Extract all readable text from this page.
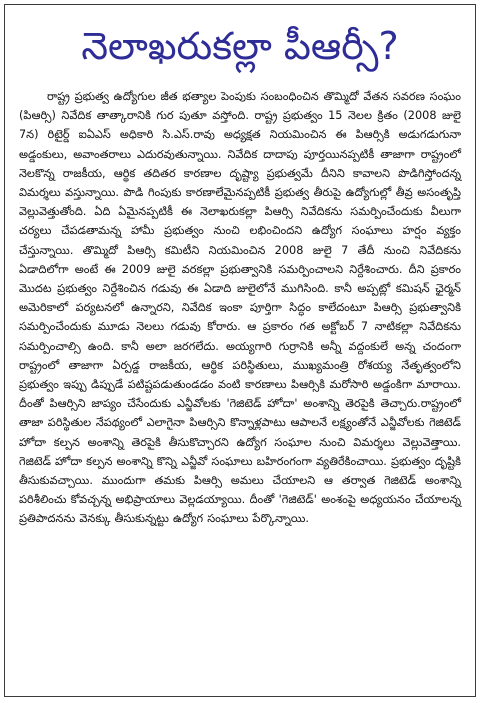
నెలాఖరుకల్లా పీఆర్సీ?

రాష్ట్ర ప్రభుత్వ ఉద్యోగుల జీత భత్యాల పెంపుకు సంబంధించిన తొమ్మిదో వేతన సవరణ సంఘం (పిఆర్సి) నివేదిక తాత్కారానికి గుర పుతూ వస్తోంది. రాష్ట్ర ప్రభుత్వం 15 నెలల క్రితం (2008 జులై 7న) రిటైర్డ్ ఐఏఎస్ అధికారి సి.ఎస్.రావు అధ్యక్షత నియమించిన ఈ పిఆర్సికి అడుగడుగునా అడ్డంకులు, అవాంతరాలు ఎదురవుతున్నాయి. నివేదిక దాదాపు పూర్తయినప్పటికీ తాజాగా రాష్ట్రంలో నెలకొన్న రాజకీయ, ఆర్థిక తదితర కారణాల దృష్ట్యా ప్రభుత్వమే దీనిని కావాలని పొడిగిస్తోందన్న విమర్శలు వస్తున్నాయి. పొడి గింపుకు కారణాలేమైనప్పటికీ ప్రభుత్వ తీరుపై ఉద్యోగుల్లో తీవ్ర అసంతృప్తి వెల్లువెత్తుతోంది. ఏది ఏమైనప్పటికీ ఈ నెలాఖరుకల్లా పిఆర్సి నివేదికను సమర్పించేందుకు వీలుగా చర్యలు చేపడతామన్న హామీ ప్రభుత్వం నుంచి లభించిందని ఉద్యోగ సంఘాలు హర్షం వ్యక్తం చేస్తున్నాయి. తొమ్మిదో పిఆర్సి కమిటీని నియమించిన 2008 జులై 7 తేదీ నుంచి నివేదికను ఏడాదిలోగా అంటే ఈ 2009 జులై వరకల్లా ప్రభుత్వానికి సమర్పించాలని నిర్దేశించారు. దీని ప్రకారం మొదట ప్రభుత్వం నిర్దేశించిన గడువు ఈ ఏడాది జులైలోనే ముగిసింది. కానీ అప్పట్లో కమిషన్ ఛైర్మన్ అమెరికాలో పర్యటనలో ఉన్నారని, నివేదిక ఇంకా పూర్తిగా సిద్ధం కాలేదంటూ పిఆర్సి ప్రభుత్వానికి సమర్పించేందుకు మూడు నెలలు గడువు కోరారు. ఆ ప్రకారం గత అక్టోబర్ 7 నాటికల్లా నివేదికను సమర్పించాల్సి ఉంది. కానీ అలా జరగలేదు. అయ్యగారి గుర్రానికి అన్నీ వద్దంకులే అన్న చందంగా రాష్ట్రంలో తాజాగా ఏర్పడ్డ రాజకీయ, ఆర్థిక పరిస్థితులు, ముఖ్యమంత్రి రోశయ్య నేతృత్వంలోని ప్రభుత్వం ఇప్పు డిప్పుడే పటిష్టపడుతుండడం వంటి కారణాలు పిఆర్సికి మరోసారి అడ్డంకిగా మారాయి. దీంతో పిఆర్సిని జాప్యం చేసేందుకు ఎన్జీవోలకు 'గెజిటెడ్ హోదా' అంశాన్ని తెరపైకి తెచ్చారు.రాష్ట్రంలో తాజా పరిస్థితుల నేపథ్యంలో ఎలాగైనా పిఆర్సిని కొన్నాళ్లపాటు ఆపాలనే లక్ష్యంతోనే ఎన్జీవోలకు గెజిటెడ్ హోదా కల్పన అంశాన్ని తెరపైకి తీసుకొచ్చారని ఉద్యోగ సంఘాల నుంచి విమర్శలు వెల్లువెత్తాయి. గెజిటెడ్ హోదా కల్పన అంశాన్ని కొన్ని ఎన్జీవో సంఘాలు బహిరంగంగా వ్యతిరేకించాయి. ప్రభుత్వం దృష్టికి తీసుకువచ్చాయి. ముందుగా తమకు పిఆర్సి అమలు చేయాలని ఆ తర్వాత గెజిటెడ్ అంశాన్ని పరిశీలించు కోవచ్చన్న అభిప్రాయాలు వెల్లడయ్యాయి. దీంతో 'గెజిటెడ్' అంశంపై అధ్యయనం చేయాలన్న ప్రతిపాదనను వెనక్కు తీసుకున్నట్టు ఉద్యోగ సంఘాలు పేర్కొన్నాయి.
